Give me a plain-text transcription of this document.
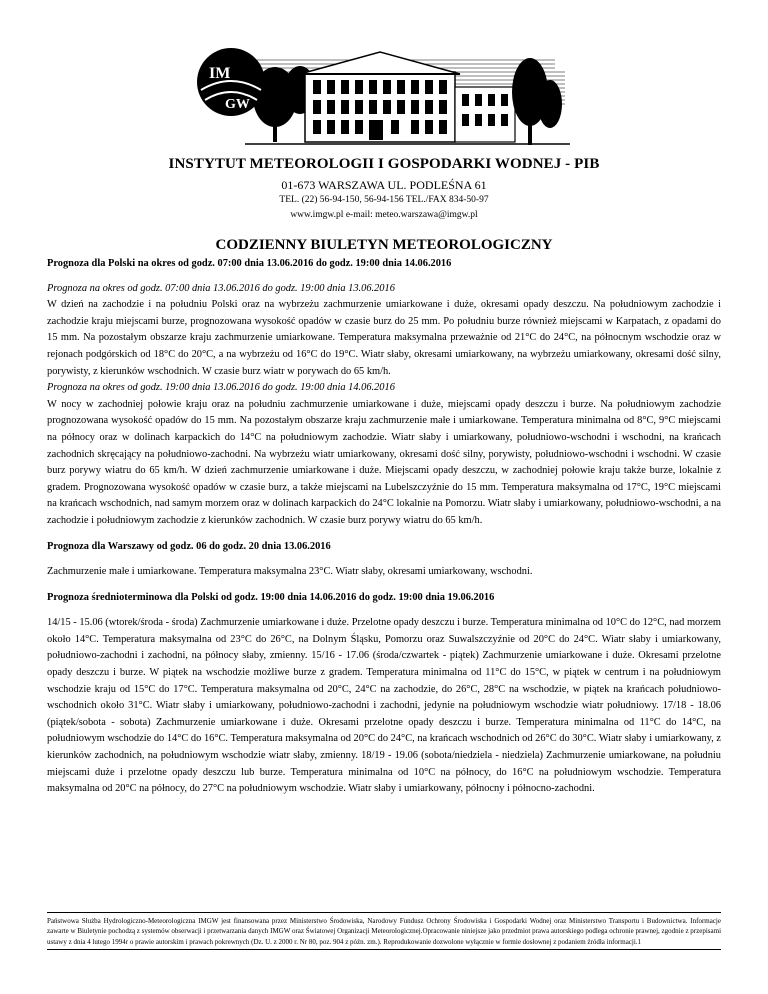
IM
GW
INSTYTUT METEOROLOGII I GOSPODARKI WODNEJ - PIB
01-673 WARSZAWA UL. PODLEŚNA 61
TEL. (22) 56-94-150, 56-94-156 TEL./FAX 834-50-97
www.imgw.pl e-mail: meteo.warszawa@imgw.pl
CODZIENNY BIULETYN METEOROLOGICZNY

Prognoza dla Polski na okres od godz. 07:00 dnia 13.06.2016 do godz. 19:00 dnia 14.06.2016

Prognoza na okres od godz. 07:00 dnia 13.06.2016 do godz. 19:00 dnia 13.06.2016

W dzień na zachodzie i na południu Polski oraz na wybrzeżu zachmurzenie umiarkowane i duże, okresami opady deszczu. Na południowym zachodzie i zachodzie kraju miejscami burze, prognozowana wysokość opadów w czasie burz do 25 mm. Po południu burze również miejscami w Karpatach, z opadami do 15 mm. Na pozostałym obszarze kraju zachmurzenie umiarkowane. Temperatura maksymalna przeważnie od 21°C do 24°C, na północnym wschodzie oraz w rejonach podgórskich od 18°C do 20°C, a na wybrzeżu od 16°C do 19°C. Wiatr słaby, okresami umiarkowany, na wybrzeżu umiarkowany, okresami dość silny, porywisty, z kierunków wschodnich. W czasie burz wiatr w porywach do 65 km/h.

Prognoza na okres od godz. 19:00 dnia 13.06.2016 do godz. 19:00 dnia 14.06.2016

W nocy w zachodniej połowie kraju oraz na południu zachmurzenie umiarkowane i duże, miejscami opady deszczu i burze. Na południowym zachodzie prognozowana wysokość opadów do 15 mm. Na pozostałym obszarze kraju zachmurzenie małe i umiarkowane. Temperatura minimalna od 8°C, 9°C miejscami na północy oraz w dolinach karpackich do 14°C na południowym zachodzie. Wiatr słaby i umiarkowany, południowo-wschodni i wschodni, na krańcach zachodnich skręcający na południowo-zachodni. Na wybrzeżu wiatr umiarkowany, okresami dość silny, porywisty, południowo-wschodni i wschodni. W czasie burz porywy wiatru do 65 km/h. W dzień zachmurzenie umiarkowane i duże. Miejscami opady deszczu, w zachodniej połowie kraju także burze, lokalnie z gradem. Prognozowana wysokość opadów w czasie burz, a także miejscami na Lubelszczyźnie do 15 mm. Temperatura maksymalna od 17°C, 19°C miejscami na krańcach wschodnich, nad samym morzem oraz w dolinach karpackich do 24°C lokalnie na Pomorzu. Wiatr słaby i umiarkowany, południowo-wschodni, a na zachodzie i południowym zachodzie z kierunków zachodnich. W czasie burz porywy wiatru do 65 km/h.

Prognoza dla Warszawy od godz. 06 do godz. 20 dnia 13.06.2016

Zachmurzenie małe i umiarkowane. Temperatura maksymalna 23°C. Wiatr słaby, okresami umiarkowany, wschodni.

Prognoza średnioterminowa dla Polski od godz. 19:00 dnia 14.06.2016 do godz. 19:00 dnia 19.06.2016

14/15 - 15.06 (wtorek/środa - środa) Zachmurzenie umiarkowane i duże. Przelotne opady deszczu i burze. Temperatura minimalna od 10°C do 12°C, nad morzem około 14°C. Temperatura maksymalna od 23°C do 26°C, na Dolnym Śląsku, Pomorzu oraz Suwalszczyźnie od 20°C do 24°C. Wiatr słaby i umiarkowany, południowo-zachodni i zachodni, na północy słaby, zmienny. 15/16 - 17.06 (środa/czwartek - piątek) Zachmurzenie umiarkowane i duże. Okresami przelotne opady deszczu i burze. W piątek na wschodzie możliwe burze z gradem. Temperatura minimalna od 11°C do 15°C, w piątek w centrum i na południowym wschodzie kraju od 15°C do 17°C. Temperatura maksymalna od 20°C, 24°C na zachodzie, do 26°C, 28°C na wschodzie, w piątek na krańcach południowo-wschodnich około 31°C. Wiatr słaby i umiarkowany, południowo-zachodni i zachodni, jedynie na południowym wschodzie wiatr południowy. 17/18 - 18.06 (piątek/sobota - sobota) Zachmurzenie umiarkowane i duże. Okresami przelotne opady deszczu i burze. Temperatura minimalna od 11°C do 14°C, na południowym wschodzie do 14°C do 16°C. Temperatura maksymalna od 20°C do 24°C, na krańcach wschodnich od 26°C do 30°C. Wiatr słaby i umiarkowany, z kierunków zachodnich, na południowym wschodzie wiatr słaby, zmienny. 18/19 - 19.06 (sobota/niedziela - niedziela) Zachmurzenie umiarkowane, na południu miejscami duże i przelotne opady deszczu lub burze. Temperatura minimalna od 10°C na północy, do 16°C na południowym wschodzie. Temperatura maksymalna od 20°C na północy, do 27°C na południowym wschodzie. Wiatr słaby i umiarkowany, północny i północno-zachodni.

Państwowa Służba Hydrologiczno-Meteorologiczna IMGW jest finansowana przez Ministerstwo Środowiska, Narodowy Fundusz Ochrony Środowiska i Gospodarki Wodnej oraz Ministerstwo Transportu i Budownictwa. Informacje zawarte w Biuletynie pochodzą z systemów obserwacji i przetwarzania danych IMGW oraz Światowej Organizacji Meteorologicznej.Opracowanie niniejsze jako przedmiot prawa autorskiego podlega ochronie prawnej, zgodnie z przepisami ustawy z dnia 4 lutego 1994r o prawie autorskim i prawach pokrewnych (Dz. U. z 2000 r. Nr 80, poz. 904 z późn. zm.). Reprodukowanie dozwolone wyłącznie w formie dosłownej z podaniem źródła informacji.1
